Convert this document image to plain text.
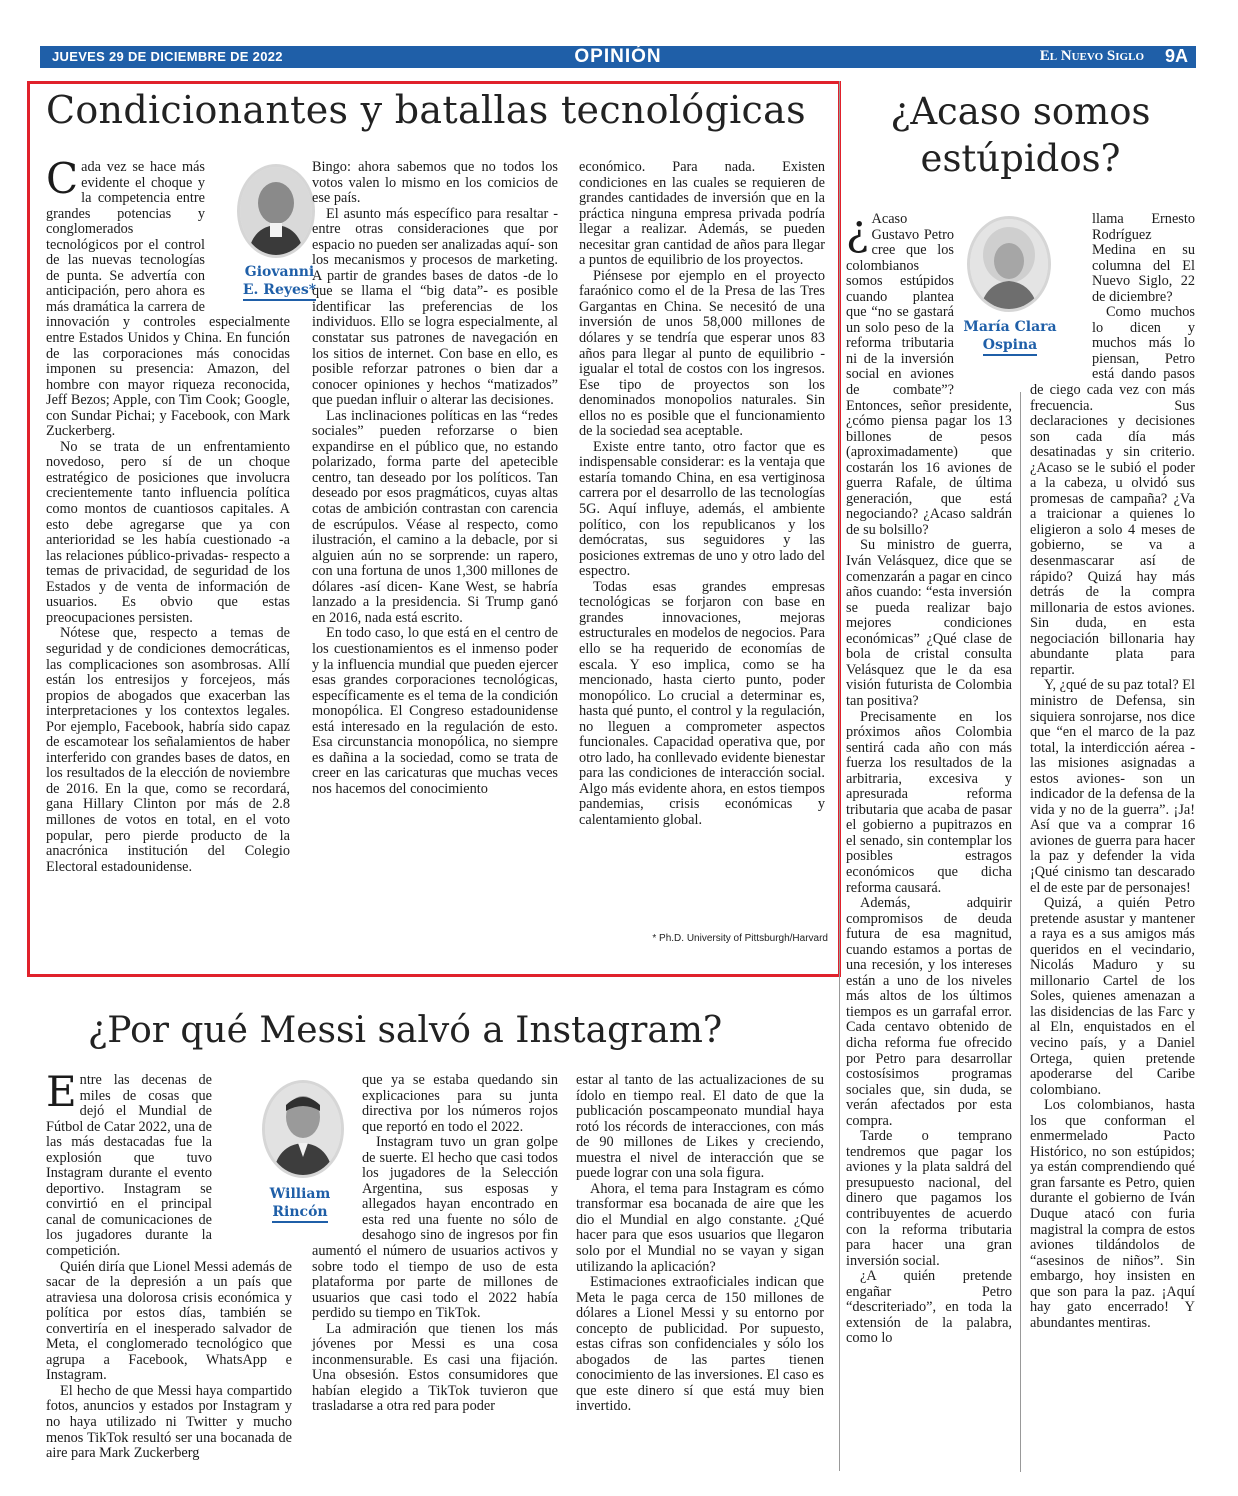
JUEVES 29 DE DICIEMBRE DE 2022	OPINIÓN	El Nuevo Siglo 9A
Condicionantes y batallas tecnológicas

Cada vez se hace más evidente el choque y la competencia entre grandes potencias y conglomerados tecnológicos por el control de las nuevas tecnologías de punta. Se advertía con anticipación, pero ahora es más dramática la carrera de innovación y controles especialmente entre Estados Unidos y China. En función de las corporaciones más conocidas imponen su presencia: Amazon, del hombre con mayor riqueza reconocida, Jeff Bezos; Apple, con Tim Cook; Google, con Sundar Pichai; y Facebook, con Mark Zuckerberg.

No se trata de un enfrentamiento novedoso, pero sí de un choque estratégico de posiciones que involucra crecientemente tanto influencia política como montos de cuantiosos capitales. A esto debe agregarse que ya con anterioridad se les había cuestionado -a las relaciones público-privadas- respecto a temas de privacidad, de seguridad de los Estados y de venta de información de usuarios. Es obvio que estas preocupaciones persisten.

Nótese que, respecto a temas de seguridad y de condiciones democráticas, las complicaciones son asombrosas. Allí están los entresijos y forcejeos, más propios de abogados que exacerban las interpretaciones y los contextos legales. Por ejemplo, Facebook, habría sido capaz de escamotear los señalamientos de haber interferido con grandes bases de datos, en los resultados de la elección de noviembre de 2016. En la que, como se recordará, gana Hillary Clinton por más de 2.8 millones de votos en total, en el voto popular, pero pierde producto de la anacrónica institución del Colegio Electoral estadounidense.

Giovanni
E. Reyes*

Bingo: ahora sabemos que no todos los votos valen lo mismo en los comicios de ese país.

El asunto más específico para resaltar -entre otras consideraciones que por espacio no pueden ser analizadas aquí- son los mecanismos y procesos de marketing. A partir de grandes bases de datos -de lo que se llama el “big data”- es posible identificar las preferencias de los individuos. Ello se logra especialmente, al constatar sus patrones de navegación en los sitios de internet. Con base en ello, es posible reforzar patrones o bien dar a conocer opiniones y hechos “matizados” que puedan influir o alterar las decisiones.

Las inclinaciones políticas en las “redes sociales” pueden reforzarse o bien expandirse en el público que, no estando polarizado, forma parte del apetecible centro, tan deseado por los políticos. Tan deseado por esos pragmáticos, cuyas altas cotas de ambición contrastan con carencia de escrúpulos. Véase al respecto, como ilustración, el camino a la debacle, por si alguien aún no se sorprende: un rapero, con una fortuna de unos 1,300 millones de dólares -así dicen- Kane West, se habría lanzado a la presidencia. Si Trump ganó en 2016, nada está escrito.

En todo caso, lo que está en el centro de los cuestionamientos es el inmenso poder y la influencia mundial que pueden ejercer esas grandes corporaciones tecnológicas, específicamente es el tema de la condición monopólica. El Congreso estadounidense está interesado en la regulación de esto. Esa circunstancia monopólica, no siempre es dañina a la sociedad, como se trata de creer en las caricaturas que muchas veces nos hacemos del conocimiento

económico. Para nada. Existen condiciones en las cuales se requieren de grandes cantidades de inversión que en la práctica ninguna empresa privada podría llegar a realizar. Además, se pueden necesitar gran cantidad de años para llegar a puntos de equilibrio de los proyectos.

Piénsese por ejemplo en el proyecto faraónico como el de la Presa de las Tres Gargantas en China. Se necesitó de una inversión de unos 58,000 millones de dólares y se tendría que esperar unos 83 años para llegar al punto de equilibrio -igualar el total de costos con los ingresos. Ese tipo de proyectos son los denominados monopolios naturales. Sin ellos no es posible que el funcionamiento de la sociedad sea aceptable.

Existe entre tanto, otro factor que es indispensable considerar: es la ventaja que estaría tomando China, en esa vertiginosa carrera por el desarrollo de las tecnologías 5G. Aquí influye, además, el ambiente político, con los republicanos y los demócratas, sus seguidores y las posiciones extremas de uno y otro lado del espectro.

Todas esas grandes empresas tecnológicas se forjaron con base en grandes innovaciones, mejoras estructurales en modelos de negocios. Para ello se ha requerido de economías de escala. Y eso implica, como se ha mencionado, hasta cierto punto, poder monopólico. Lo crucial a determinar es, hasta qué punto, el control y la regulación, no lleguen a comprometer aspectos funcionales. Capacidad operativa que, por otro lado, ha conllevado evidente bienestar para las condiciones de interacción social. Algo más evidente ahora, en estos tiempos pandemias, crisis económicas y calentamiento global.

* Ph.D. University of Pittsburgh/Harvard
¿Acaso somos
estúpidos?

¿ Acaso Gustavo Petro cree que los colombianos somos estúpidos cuando plantea que “no se gastará un solo peso de la reforma tributaria ni de la inversión social en aviones de combate”? Entonces, señor presidente, ¿cómo piensa pagar los 13 billones de pesos (aproximadamente) que costarán los 16 aviones de guerra Rafale, de última generación, que está negociando? ¿Acaso saldrán de su bolsillo?

Su ministro de guerra, Iván Velásquez, dice que se comenzarán a pagar en cinco años cuando: “esta inversión se pueda realizar bajo mejores condiciones económicas” ¿Qué clase de bola de cristal consulta Velásquez que le da esa visión futurista de Colombia tan positiva?

Precisamente en los próximos años Colombia sentirá cada año con más fuerza los resultados de la arbitraria, excesiva y apresurada reforma tributaria que acaba de pasar el gobierno a pupitrazos en el senado, sin contemplar los posibles estragos económicos que dicha reforma causará.

Además, adquirir compromisos de deuda futura de esa magnitud, cuando estamos a portas de una recesión, y los intereses están a uno de los niveles más altos de los últimos tiempos es un garrafal error. Cada centavo obtenido de dicha reforma fue ofrecido por Petro para desarrollar costosísimos programas sociales que, sin duda, se verán afectados por esta compra.

Tarde o temprano tendremos que pagar los aviones y la plata saldrá del presupuesto nacional, del dinero que pagamos los contribuyentes de acuerdo con la reforma tributaria para hacer una gran inversión social.

¿A quién pretende engañar Petro “descriteriado”, en toda la extensión de la palabra, como lo

llama Ernesto Rodríguez Medina en su columna del El Nuevo Siglo, 22 de diciembre?

Como muchos lo dicen y muchos más lo piensan, Petro está dando pasos de ciego cada vez con más frecuencia. Sus declaraciones y decisiones son cada día más desatinadas y sin criterio. ¿Acaso se le subió el poder a la cabeza, u olvidó sus promesas de campaña? ¿Va a traicionar a quienes lo eligieron a solo 4 meses de gobierno, se va a desenmascarar así de rápido? Quizá hay más detrás de la compra millonaria de estos aviones. Sin duda, en esta negociación billonaria hay abundante plata para repartir.

Y, ¿qué de su paz total? El ministro de Defensa, sin siquiera sonrojarse, nos dice que “en el marco de la paz total, la interdicción aérea -las misiones asignadas a estos aviones- son un indicador de la defensa de la vida y no de la guerra”. ¡Ja! Así que va a comprar 16 aviones de guerra para hacer la paz y defender la vida ¡Qué cinismo tan descarado el de este par de personajes!

Quizá, a quién Petro pretende asustar y mantener a raya es a sus amigos más queridos en el vecindario, Nicolás Maduro y su millonario Cartel de los Soles, quienes amenazan a las disidencias de las Farc y al Eln, enquistados en el vecino país, y a Daniel Ortega, quien pretende apoderarse del Caribe colombiano.

Los colombianos, hasta los que conforman el enmermelado Pacto Histórico, no son estúpidos; ya están comprendiendo qué gran farsante es Petro, quien durante el gobierno de Iván Duque atacó con furia magistral la compra de estos aviones tildándolos de “asesinos de niños”. Sin embargo, hoy insisten en que son para la paz. ¡Aquí hay gato encerrado! Y abundantes mentiras.

María Clara
Ospina
¿Por qué Messi salvó a Instagram?

Entre las decenas de miles de cosas que dejó el Mundial de Fútbol de Catar 2022, una de las más destacadas fue la explosión que tuvo Instagram durante el evento deportivo. Instagram se convirtió en el principal canal de comunicaciones de los jugadores durante la competición.

Quién diría que Lionel Messi además de sacar de la depresión a un país que atraviesa una dolorosa crisis económica y política por estos días, también se convertiría en el inesperado salvador de Meta, el conglomerado tecnológico que agrupa a Facebook, WhatsApp e Instagram.

El hecho de que Messi haya compartido fotos, anuncios y estados por Instagram y no haya utilizado ni Twitter y mucho menos TikTok resultó ser una bocanada de aire para Mark Zuckerberg

William
Rincón

que ya se estaba quedando sin explicaciones para su junta directiva por los números rojos que reportó en todo el 2022.

Instagram tuvo un gran golpe de suerte. El hecho que casi todos los jugadores de la Selección Argentina, sus esposas y allegados hayan encontrado en esta red una fuente no sólo de desahogo sino de ingresos por fin aumentó el número de usuarios activos y sobre todo el tiempo de uso de esta plataforma por parte de millones de usuarios que casi todo el 2022 había perdido su tiempo en TikTok.

La admiración que tienen los más jóvenes por Messi es una cosa inconmensurable. Es casi una fijación. Una obsesión. Estos consumidores que habían elegido a TikTok tuvieron que trasladarse a otra red para poder

estar al tanto de las actualizaciones de su ídolo en tiempo real. El dato de que la publicación poscampeonato mundial haya rotó los récords de interacciones, con más de 90 millones de Likes y creciendo, muestra el nivel de interacción que se puede lograr con una sola figura.

Ahora, el tema para Instagram es cómo transformar esa bocanada de aire que les dio el Mundial en algo constante. ¿Qué hacer para que esos usuarios que llegaron solo por el Mundial no se vayan y sigan utilizando la aplicación?

Estimaciones extraoficiales indican que Meta le paga cerca de 150 millones de dólares a Lionel Messi y su entorno por concepto de publicidad. Por supuesto, estas cifras son confidenciales y sólo los abogados de las partes tienen conocimiento de las inversiones. El caso es que este dinero sí que está muy bien invertido.
